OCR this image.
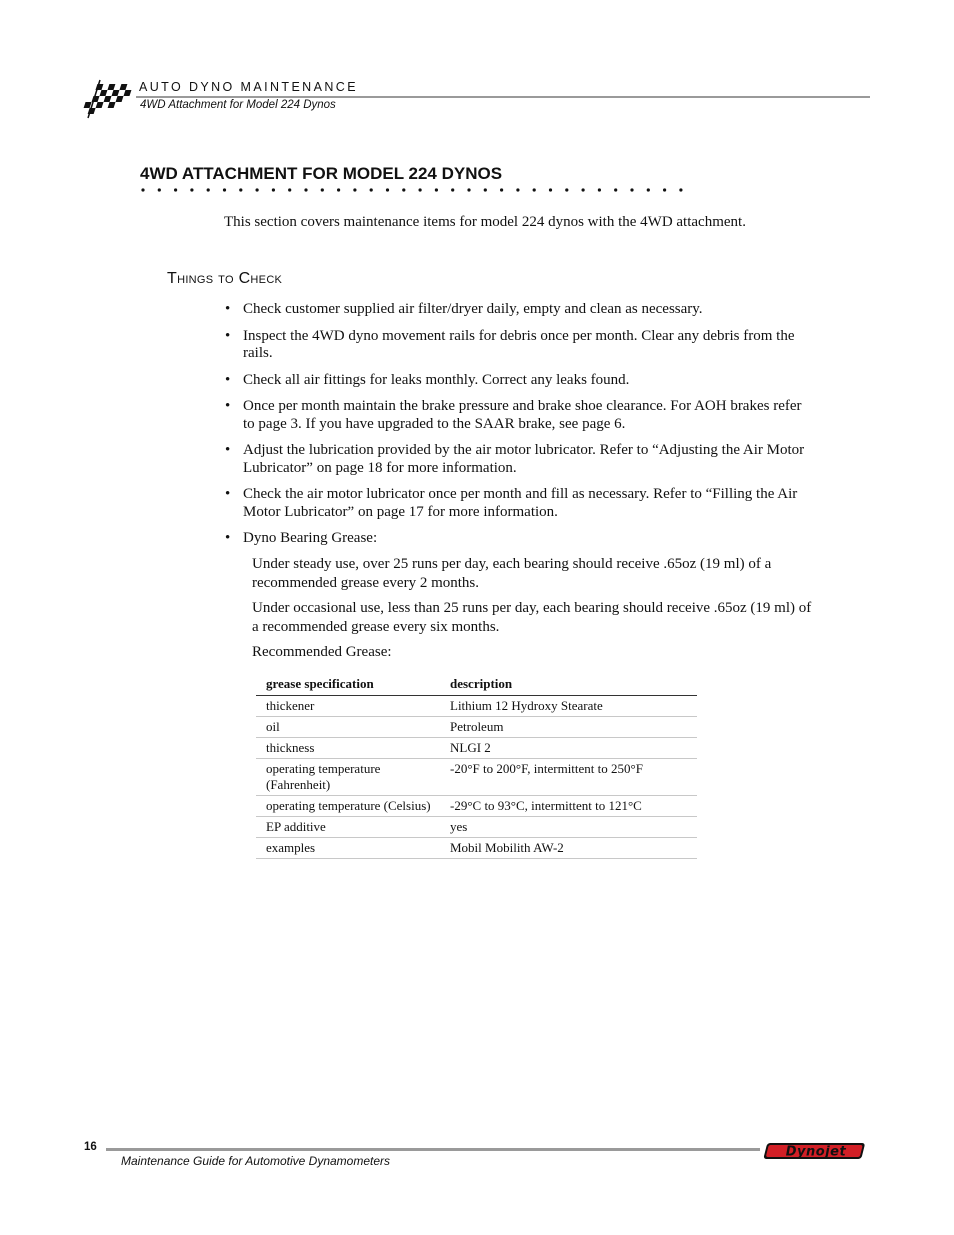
AUTO DYNO MAINTENANCE
4WD Attachment for Model 224 Dynos
4WD ATTACHMENT FOR MODEL 224 DYNOS
This section covers maintenance items for model 224 dynos with the 4WD attachment.
Things to Check
• Check customer supplied air filter/dryer daily, empty and clean as necessary.
• Inspect the 4WD dyno movement rails for debris once per month. Clear any debris from the rails.
• Check all air fittings for leaks monthly. Correct any leaks found.
• Once per month maintain the brake pressure and brake shoe clearance. For AOH brakes refer to page 3. If you have upgraded to the SAAR brake, see page 6.
• Adjust the lubrication provided by the air motor lubricator. Refer to “Adjusting the Air Motor Lubricator” on page 18 for more information.
• Check the air motor lubricator once per month and fill as necessary. Refer to “Filling the Air Motor Lubricator” on page 17 for more information.
• Dyno Bearing Grease:
Under steady use, over 25 runs per day, each bearing should receive .65oz (19 ml) of a recommended grease every 2 months.
Under occasional use, less than 25 runs per day, each bearing should receive .65oz (19 ml) of a recommended grease every six months.
Recommended Grease:
grease specification	description
thickener	Lithium 12 Hydroxy Stearate
oil	Petroleum
thickness	NLGI 2
operating temperature (Fahrenheit)	-20°F to 200°F, intermittent to 250°F
operating temperature (Celsius)	-29°C to 93°C, intermittent to 121°C
EP additive	yes
examples	Mobil Mobilith AW-2
16
Maintenance Guide for Automotive Dynamometers
Dynojet
